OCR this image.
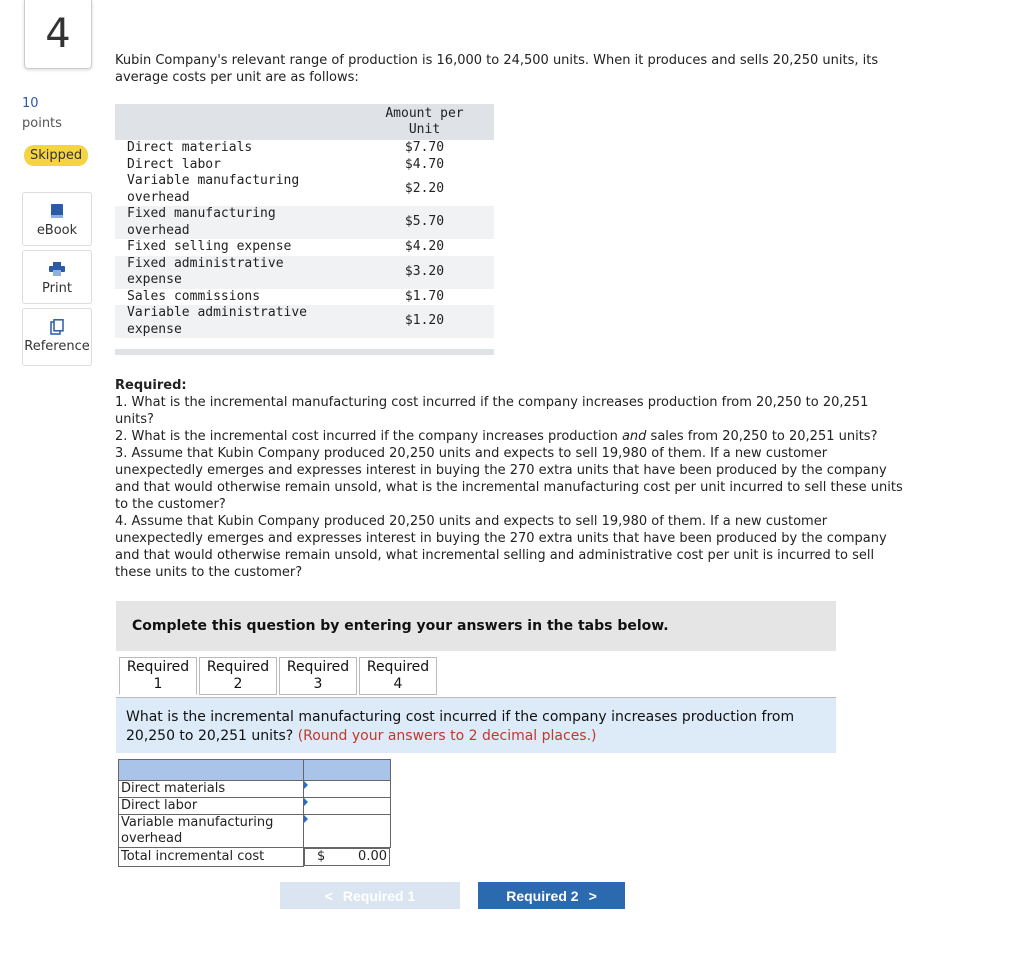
4
10
points
Skipped
eBook
Print
Reference
Kubin Company's relevant range of production is 16,000 to 24,500 units. When it produces and sells 20,250 units, its average costs per unit are as follows:
	Amount per
Unit
Direct materials	$7.70
Direct labor	$4.70
Variable manufacturing
overhead	$2.20
Fixed manufacturing
overhead	$5.70
Fixed selling expense	$4.20
Fixed administrative
expense	$3.20
Sales commissions	$1.70
Variable administrative
expense	$1.20

Required:

1. What is the incremental manufacturing cost incurred if the company increases production from 20,250 to 20,251 units?

2. What is the incremental cost incurred if the company increases production and sales from 20,250 to 20,251 units?

3. Assume that Kubin Company produced 20,250 units and expects to sell 19,980 of them. If a new customer unexpectedly emerges and expresses interest in buying the 270 extra units that have been produced by the company and that would otherwise remain unsold, what is the incremental manufacturing cost per unit incurred to sell these units to the customer?

4. Assume that Kubin Company produced 20,250 units and expects to sell 19,980 of them. If a new customer unexpectedly emerges and expresses interest in buying the 270 extra units that have been produced by the company and that would otherwise remain unsold, what incremental selling and administrative cost per unit is incurred to sell these units to the customer?

Complete this question by entering your answers in the tabs below.
Required
1
Required
2
Required
3
Required
4
What is the incremental manufacturing cost incurred if the company increases production from 20,250 to 20,251 units? (Round your answers to 2 decimal places.)

Direct materials	

Direct labor	

Variable manufacturing
overhead	

Total incremental cost		$	0.00
< Required 1	Required 2 >
